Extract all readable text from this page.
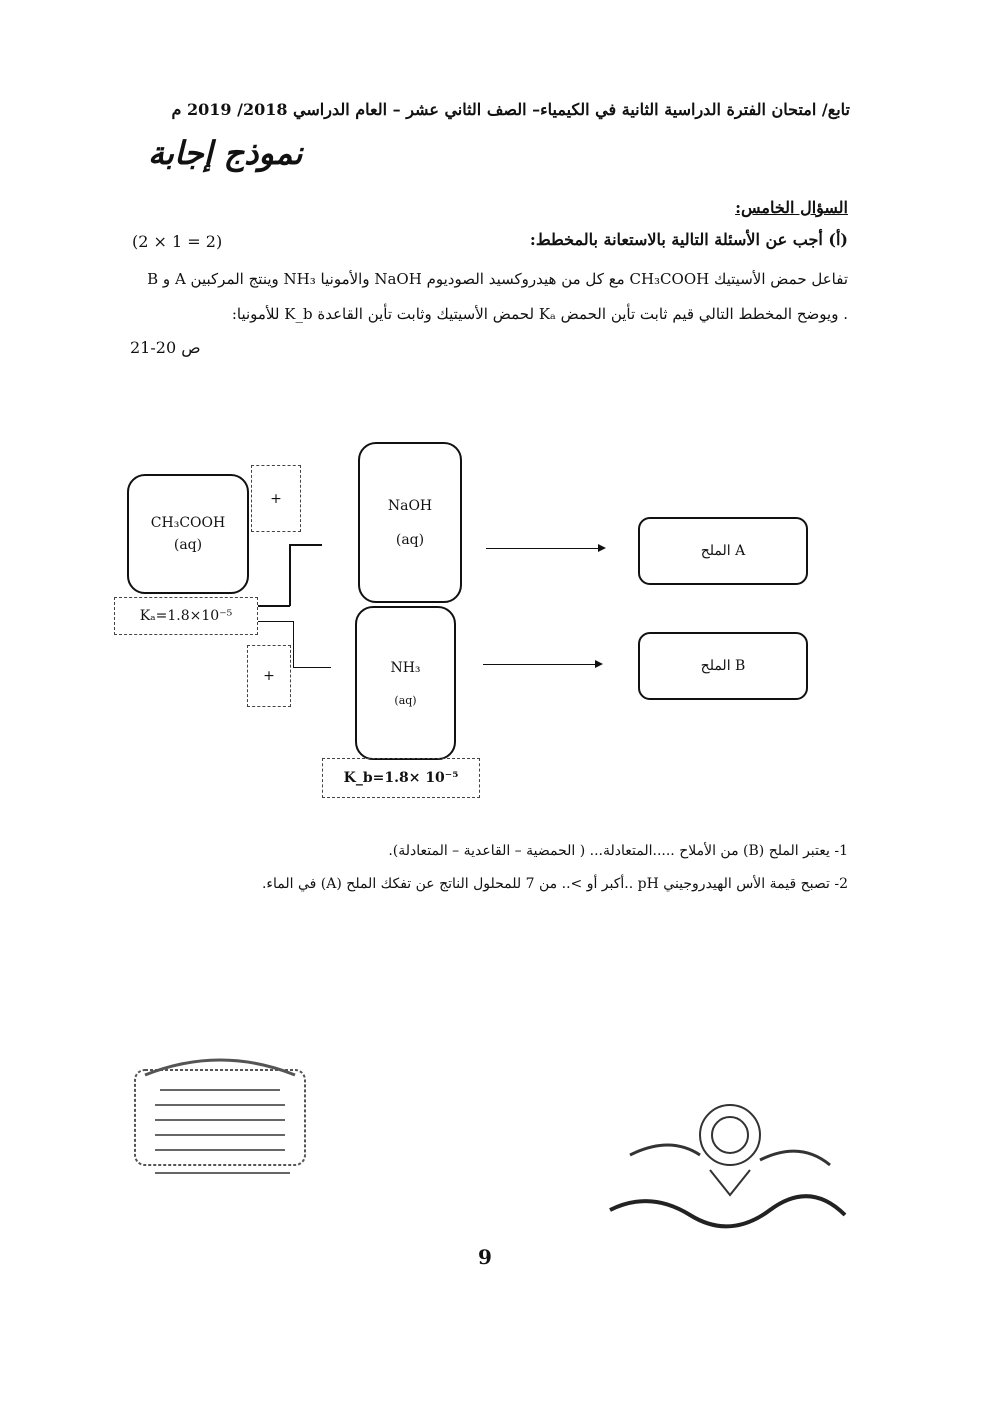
تابع/ امتحان الفترة الدراسية الثانية في الكيمياء– الصف الثاني عشر – العام الدراسي 2018/ 2019 م
نموذج إجابة
السؤال الخامس:
(أ) أجب عن الأسئلة التالية بالاستعانة بالمخطط:
(2 × 1 = 2)
تفاعل حمض الأسيتيك CH₃COOH مع كل من هيدروكسيد الصوديوم NaOH والأمونيا NH₃ وينتج المركبين A و B . ويوضح المخطط التالي قيم ثابت تأين الحمض Kₐ لحمض الأسيتيك وثابت تأين القاعدة K_b للأمونيا:
ص 20-21
CH₃COOH
(aq)
+
Kₐ=1.8×10⁻⁵
+
NaOH
(aq)
NH₃
(aq)
K_b=1.8× 10⁻⁵
الملح A
الملح B
1- يعتبر الملح (B) من الأملاح .....المتعادلة... ( الحمضية – القاعدية – المتعادلة).
2- تصبح قيمة الأس الهيدروجيني pH ..أكبر أو >.. من 7 للمحلول الناتج عن تفكك الملح (A) في الماء.
9
